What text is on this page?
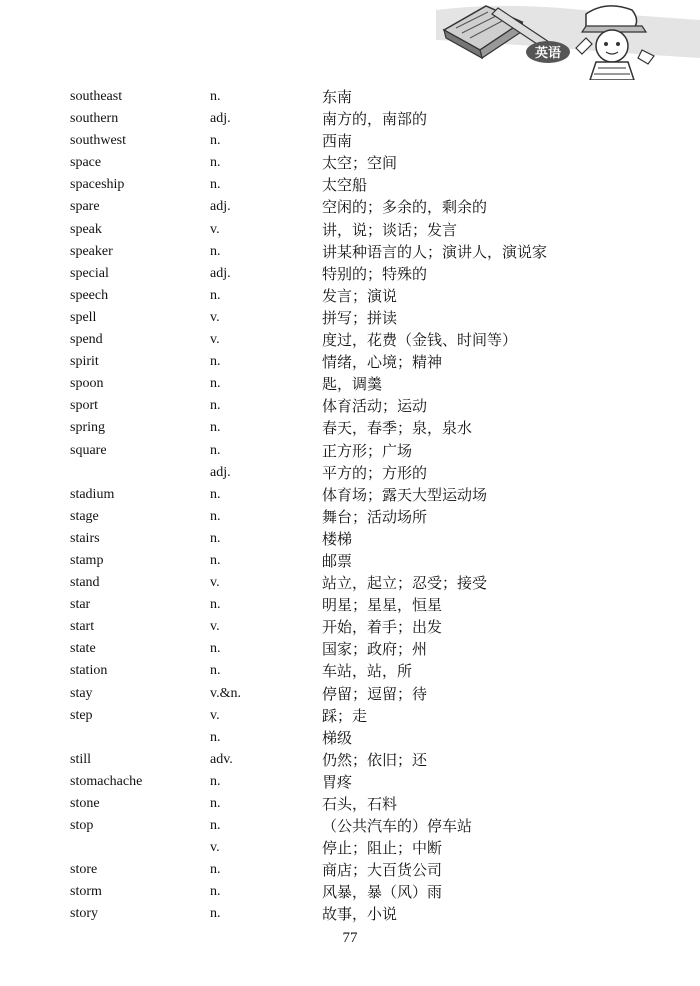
英语
southeast	n.	东南
southern	adj.	南方的，南部的
southwest	n.	西南
space	n.	太空；空间
spaceship	n.	太空船
spare	adj.	空闲的；多余的，剩余的
speak	v.	讲，说；谈话；发言
speaker	n.	讲某种语言的人；演讲人，演说家
special	adj.	特别的；特殊的
speech	n.	发言；演说
spell	v.	拼写；拼读
spend	v.	度过，花费（金钱、时间等）
spirit	n.	情绪，心境；精神
spoon	n.	匙，调羹
sport	n.	体育活动；运动
spring	n.	春天，春季；泉，泉水
square	n.	正方形；广场
adj.	平方的；方形的
stadium	n.	体育场；露天大型运动场
stage	n.	舞台；活动场所
stairs	n.	楼梯
stamp	n.	邮票
stand	v.	站立，起立；忍受；接受
star	n.	明星；星星，恒星
start	v.	开始，着手；出发
state	n.	国家；政府；州
station	n.	车站，站，所
stay	v.&n.	停留；逗留；待
step	v.	踩；走
n.	梯级
still	adv.	仍然；依旧；还
stomachache	n.	胃疼
stone	n.	石头，石料
stop	n.	（公共汽车的）停车站
v.	停止；阻止；中断
store	n.	商店；大百货公司
storm	n.	风暴，暴（风）雨
story	n.	故事，小说
77
